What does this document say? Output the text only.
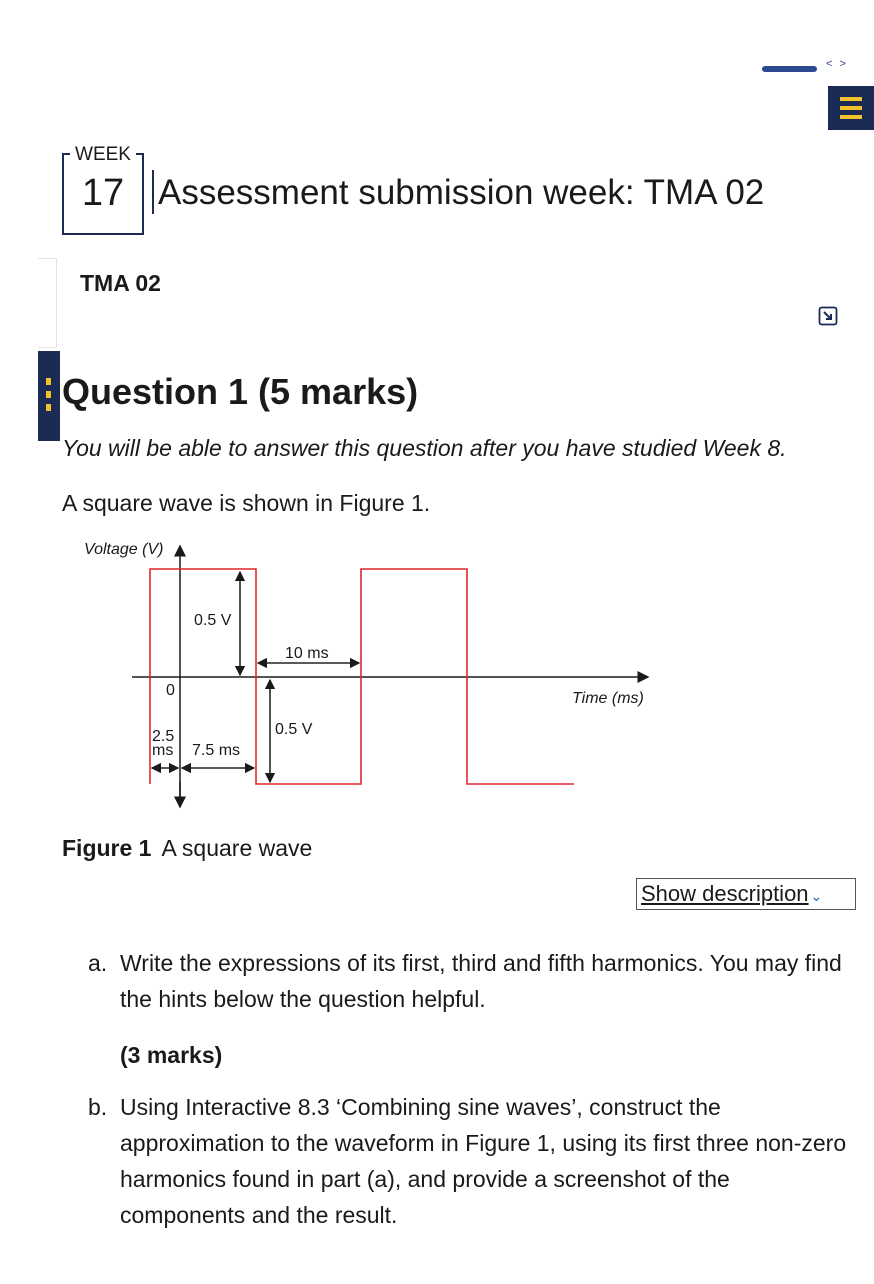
< >
WEEK
17 Assessment submission week: TMA 02
TMA 02
Question 1 (5 marks)
You will be able to answer this question after you have studied Week 8.
A square wave is shown in Figure 1.
Voltage (V)
Time (ms)
0
0.5 V
0.5 V
10 ms
2.5
ms 7.5 ms
Figure 1 A square wave
Show description ⌄
a. Write the expressions of its first, third and fifth harmonics. You may find the hints below the question helpful.

(3 marks)

b. Using Interactive 8.3 ‘Combining sine waves’, construct the approximation to the waveform in Figure 1, using its first three non-zero harmonics found in part (a), and provide a screenshot of the components and the result.
